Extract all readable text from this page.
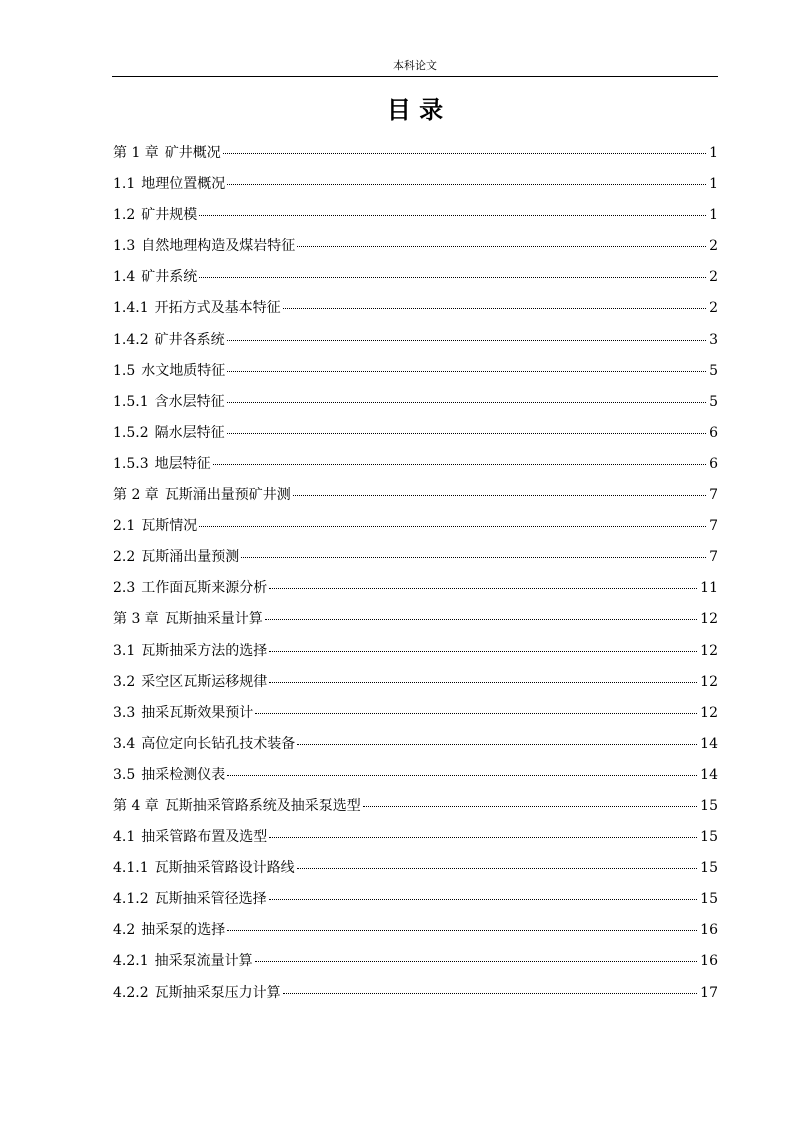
本科论文
目 录
第 1 章 矿井概况	1
1.1 地理位置概况	1
1.2 矿井规模	1
1.3 自然地理构造及煤岩特征	2
1.4 矿井系统	2
1.4.1 开拓方式及基本特征	2
1.4.2 矿井各系统	3
1.5 水文地质特征	5
1.5.1 含水层特征	5
1.5.2 隔水层特征	6
1.5.3 地层特征	6
第 2 章 瓦斯涌出量预矿井测	7
2.1 瓦斯情况	7
2.2 瓦斯涌出量预测	7
2.3 工作面瓦斯来源分析	11
第 3 章 瓦斯抽采量计算	12
3.1 瓦斯抽采方法的选择	12
3.2 采空区瓦斯运移规律	12
3.3 抽采瓦斯效果预计	12
3.4 高位定向长钻孔技术装备	14
3.5 抽采检测仪表	14
第 4 章 瓦斯抽采管路系统及抽采泵选型	15
4.1 抽采管路布置及选型	15
4.1.1 瓦斯抽采管路设计路线	15
4.1.2 瓦斯抽采管径选择	15
4.2 抽采泵的选择	16
4.2.1 抽采泵流量计算	16
4.2.2 瓦斯抽采泵压力计算	17
